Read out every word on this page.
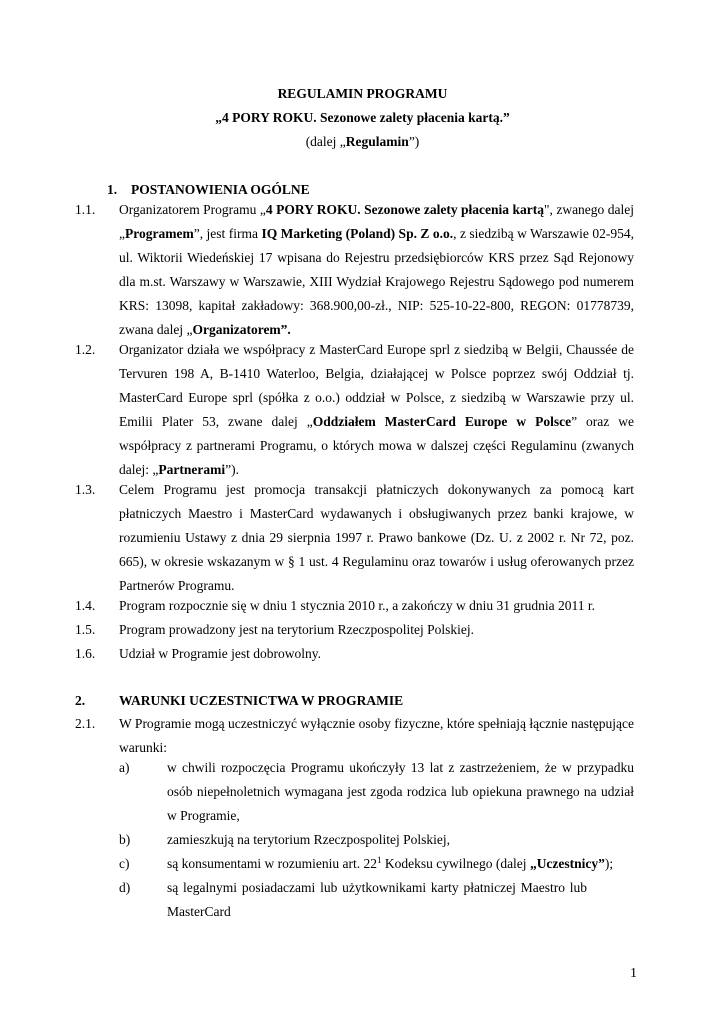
REGULAMIN PROGRAMU
„4 PORY ROKU. Sezonowe zalety płacenia kartą.”
(dalej „Regulamin”)
1. POSTANOWIENIA OGÓLNE
1.1. Organizatorem Programu „4 PORY ROKU. Sezonowe zalety płacenia kartą", zwanego dalej „Programem”, jest firma IQ Marketing (Poland) Sp. Z o.o., z siedzibą w Warszawie 02-954, ul. Wiktorii Wiedeńskiej 17 wpisana do Rejestru przedsiębiorców KRS przez Sąd Rejonowy dla m.st. Warszawy w Warszawie, XIII Wydział Krajowego Rejestru Sądowego pod numerem KRS: 13098, kapitał zakładowy: 368.900,00-zł., NIP: 525-10-22-800, REGON: 01778739, zwana dalej „Organizatorem”.
1.2. Organizator działa we współpracy z MasterCard Europe sprl z siedzibą w Belgii, Chaussée de Tervuren 198 A, B-1410 Waterloo, Belgia, działającej w Polsce poprzez swój Oddział tj. MasterCard Europe sprl (spółka z o.o.) oddział w Polsce, z siedzibą w Warszawie przy ul. Emilii Plater 53, zwane dalej „Oddziałem MasterCard Europe w Polsce” oraz we współpracy z partnerami Programu, o których mowa w dalszej części Regulaminu (zwanych dalej: „Partnerami”).
1.3. Celem Programu jest promocja transakcji płatniczych dokonywanych za pomocą kart płatniczych Maestro i MasterCard wydawanych i obsługiwanych przez banki krajowe, w rozumieniu Ustawy z dnia 29 sierpnia 1997 r. Prawo bankowe (Dz. U. z 2002 r. Nr 72, poz. 665), w okresie wskazanym w § 1 ust. 4 Regulaminu oraz towarów i usług oferowanych przez Partnerów Programu.
1.4. Program rozpocznie się w dniu 1 stycznia 2010 r., a zakończy w dniu 31 grudnia 2011 r.
1.5. Program prowadzony jest na terytorium Rzeczpospolitej Polskiej.
1.6. Udział w Programie jest dobrowolny.
2.	WARUNKI UCZESTNICTWA W PROGRAMIE
2.1. W Programie mogą uczestniczyć wyłącznie osoby fizyczne, które spełniają łącznie następujące warunki:
a)	w chwili rozpoczęcia Programu ukończyły 13 lat z zastrzeżeniem, że w przypadku osób niepełnoletnich wymagana jest zgoda rodzica lub opiekuna prawnego na udział w Programie,
b)	zamieszkują na terytorium Rzeczpospolitej Polskiej,
c)	są konsumentami w rozumieniu art. $22^1$ Kodeksu cywilnego (dalej „Uczestnicy”);
d)	są legalnymi posiadaczami lub użytkownikami karty płatniczej Maestro lub MasterCard
1
